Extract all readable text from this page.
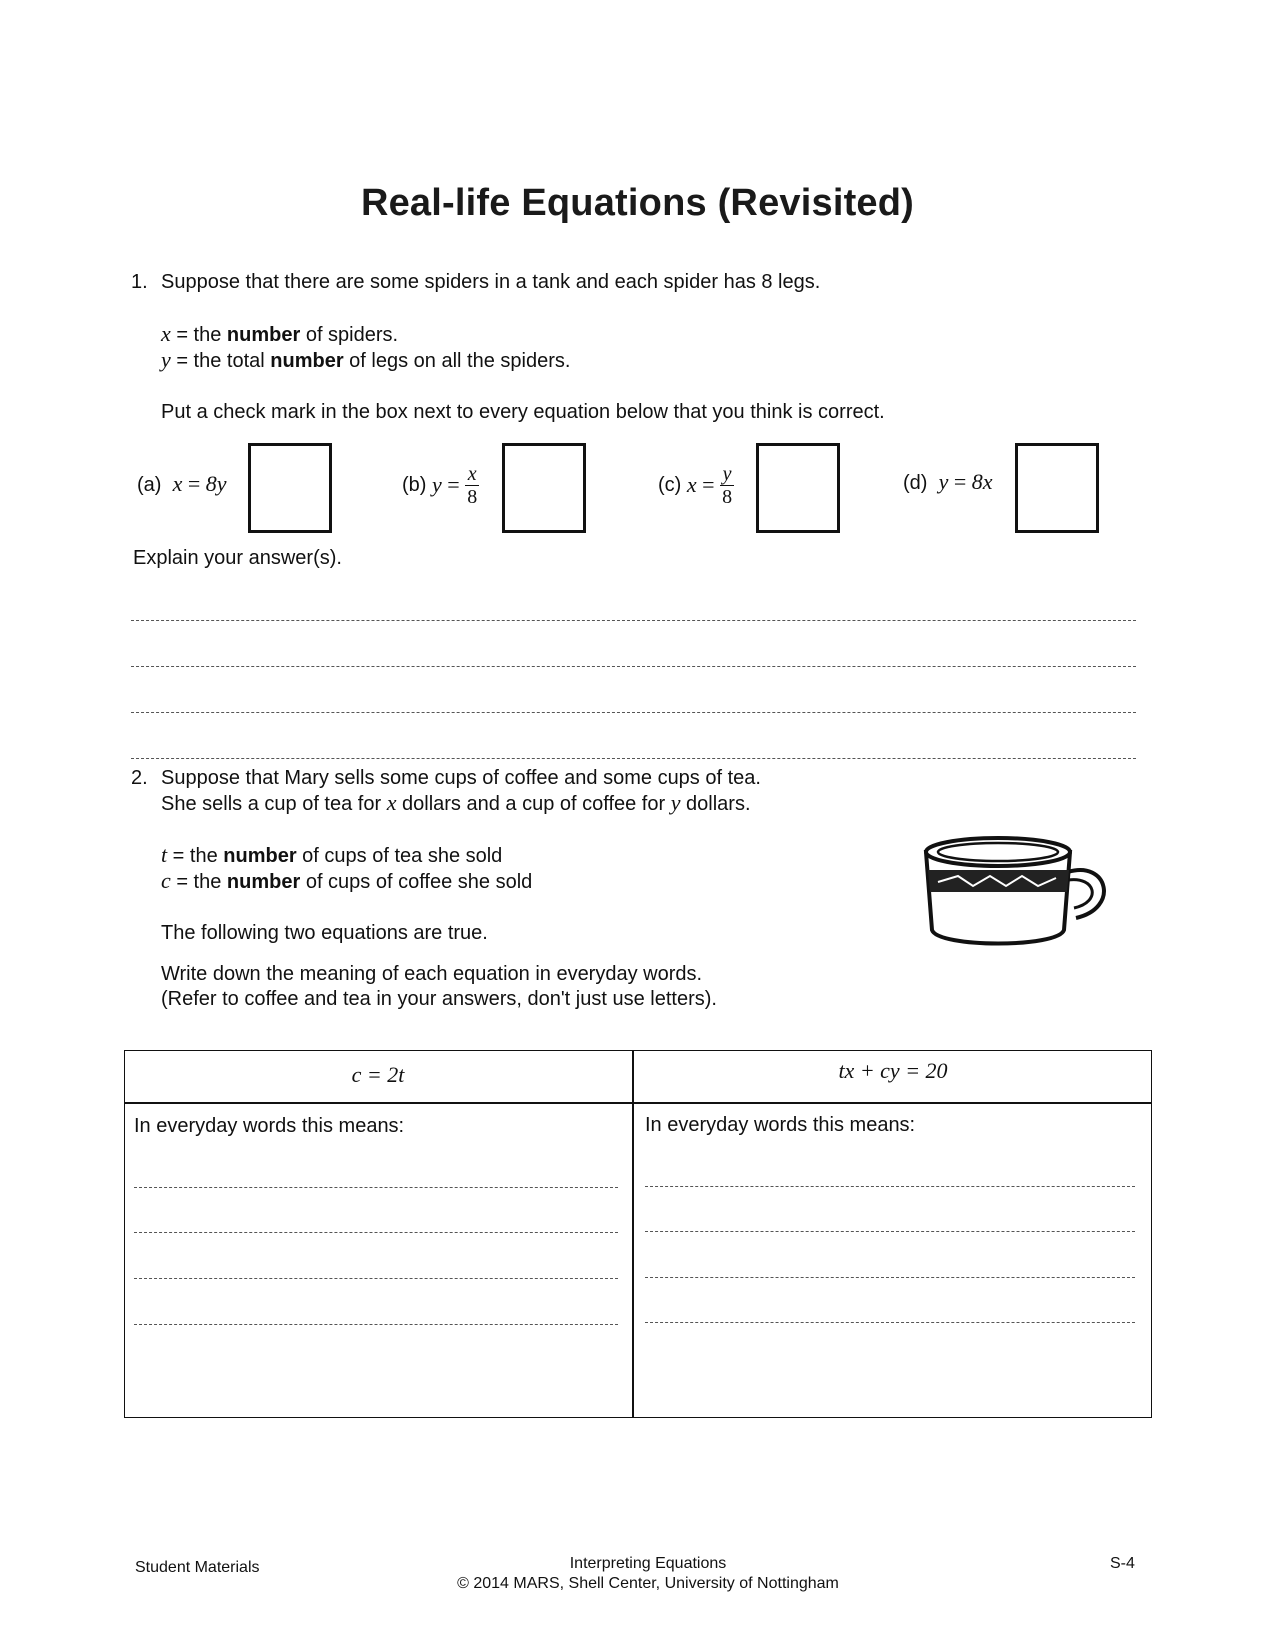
Real-life Equations (Revisited)
1. Suppose that there are some spiders in a tank and each spider has 8 legs.
x = the number of spiders.
y = the total number of legs on all the spiders.
Put a check mark in the box next to every equation below that you think is correct.
(a) x = 8y	(b)
$y = \frac{x}{8}$	(c)
$x = \frac{y}{8}$	(d) y = 8x
Explain your answer(s).
2. Suppose that Mary sells some cups of coffee and some cups of tea.
She sells a cup of tea for x dollars and a cup of coffee for y dollars.
t = the number of cups of tea she sold
c = the number of cups of coffee she sold
The following two equations are true.
Write down the meaning of each equation in everyday words.
(Refer to coffee and tea in your answers, don't just use letters).
c = 2t	tx + cy = 20
In everyday words this means:	In everyday words this means:
Student Materials	Interpreting Equations
© 2014 MARS, Shell Center, University of Nottingham
S-4
